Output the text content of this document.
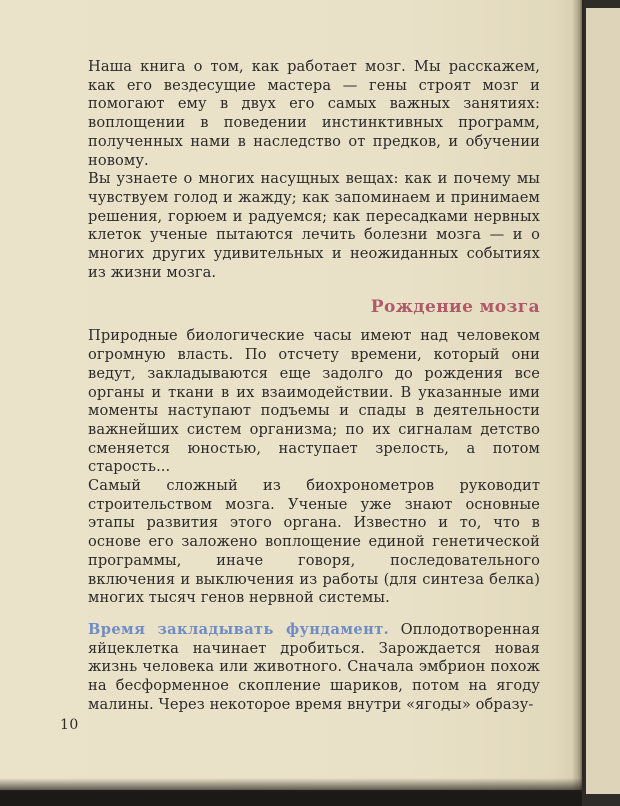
Наша книга о том, как работает мозг. Мы расскажем, как его вездесущие мастера — гены строят мозг и помогают ему в двух его самых важных занятиях: воплощении в поведении инстинктивных программ, полученных нами в наследство от предков, и обучении новому.

Вы узнаете о многих насущных вещах: как и почему мы чувствуем голод и жажду; как запоминаем и принимаем решения, горюем и радуемся; как пересадками нервных клеток ученые пытаются лечить болезни мозга — и о многих других удивительных и неожиданных событиях из жизни мозга.

Рождение мозга

Природные биологические часы имеют над человеком огромную власть. По отсчету времени, который они ведут, закладываются еще задолго до рождения все органы и ткани в их взаимодействии. В указанные ими моменты наступают подъемы и спады в деятельности важнейших систем организма; по их сигналам детство сменяется юностью, наступает зрелость, а потом старость...

Самый сложный из биохронометров руководит строительством мозга. Ученые уже знают основные этапы развития этого органа. Известно и то, что в основе его заложено воплощение единой генетической программы, иначе говоря, последовательного включения и выключения из работы (для синтеза белка) многих тысяч генов нервной системы.

Время закладывать фундамент. Оплодотворенная яйцеклетка начинает дробиться. Зарождается новая жизнь человека или животного. Сначала эмбрион похож на бесформенное скопление шариков, потом на ягоду малины. Через некоторое время внутри «ягоды» образу-

10
